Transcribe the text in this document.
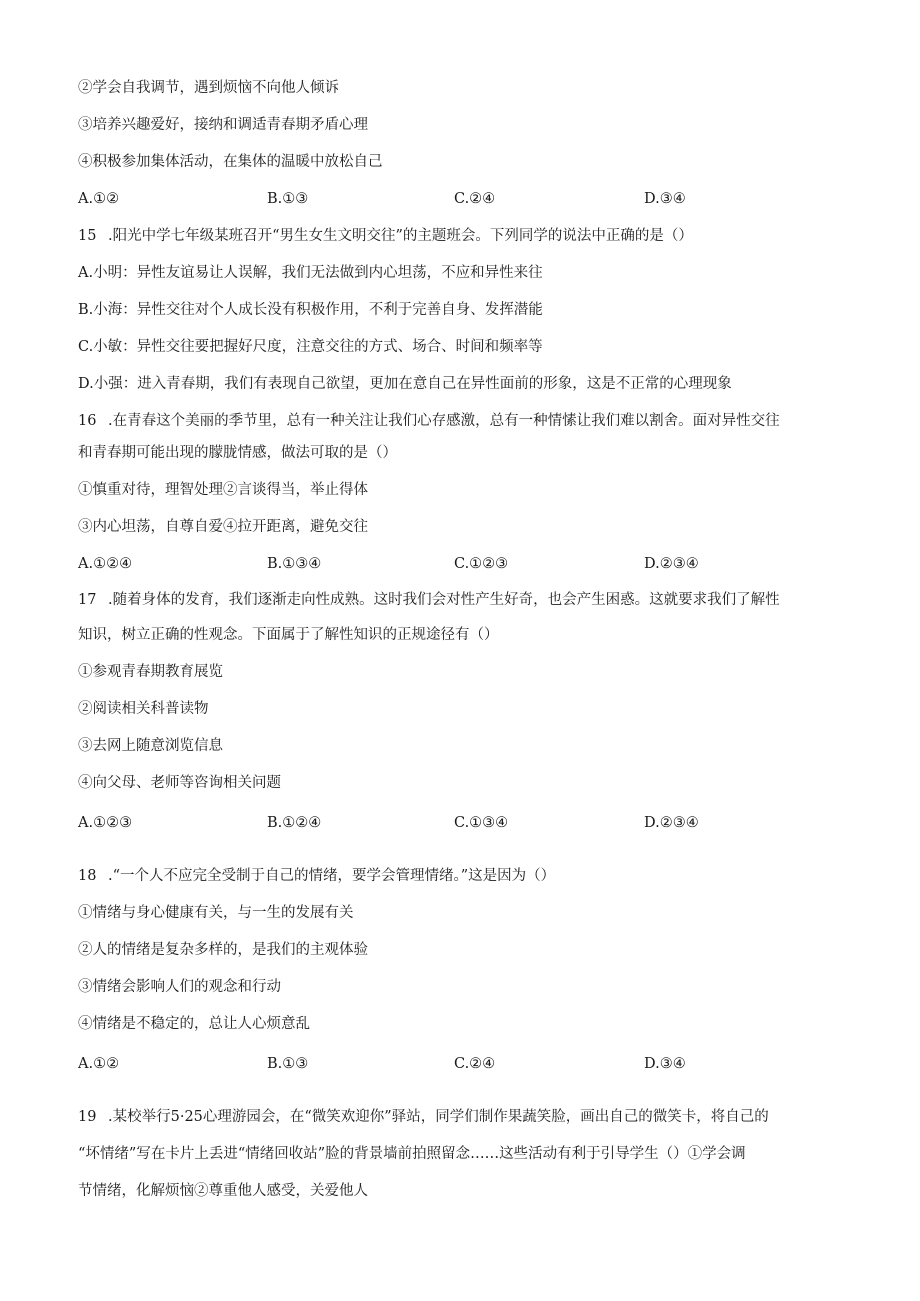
②学会自我调节，遇到烦恼不向他人倾诉
③培养兴趣爱好，接纳和调适青春期矛盾心理
④积极参加集体活动，在集体的温暖中放松自己
A.①②	B.①③	C.②④	D.③④
15 .阳光中学七年级某班召开“男生女生文明交往”的主题班会。下列同学的说法中正确的是（）
A.小明：异性友谊易让人误解，我们无法做到内心坦荡，不应和异性来往
B.小海：异性交往对个人成长没有积极作用，不利于完善自身、发挥潜能
C.小敏：异性交往要把握好尺度，注意交往的方式、场合、时间和频率等
D.小强：进入青春期，我们有表现自己欲望，更加在意自己在异性面前的形象，这是不正常的心理现象
16 .在青春这个美丽的季节里，总有一种关注让我们心存感激，总有一种情愫让我们难以割舍。面对异性交往
和青春期可能出现的朦胧情感，做法可取的是（）
①慎重对待，理智处理②言谈得当，举止得体
③内心坦荡，自尊自爱④拉开距离，避免交往
A.①②④	B.①③④	C.①②③	D.②③④
17 .随着身体的发育，我们逐渐走向性成熟。这时我们会对性产生好奇，也会产生困惑。这就要求我们了解性
知识，树立正确的性观念。下面属于了解性知识的正规途径有（）
①参观青春期教育展览
②阅读相关科普读物
③去网上随意浏览信息
④向父母、老师等咨询相关问题
A.①②③	B.①②④	C.①③④	D.②③④
18 .“一个人不应完全受制于自己的情绪，要学会管理情绪。”这是因为（）
①情绪与身心健康有关，与一生的发展有关
②人的情绪是复杂多样的，是我们的主观体验
③情绪会影响人们的观念和行动
④情绪是不稳定的，总让人心烦意乱
A.①②	B.①③	C.②④	D.③④
19 .某校举行5·25心理游园会，在“微笑欢迎你”驿站，同学们制作果蔬笑脸，画出自己的微笑卡，将自己的
“坏情绪”写在卡片上丢进“情绪回收站”脸的背景墙前拍照留念……这些活动有利于引导学生（）①学会调
节情绪，化解烦恼②尊重他人感受，关爱他人
